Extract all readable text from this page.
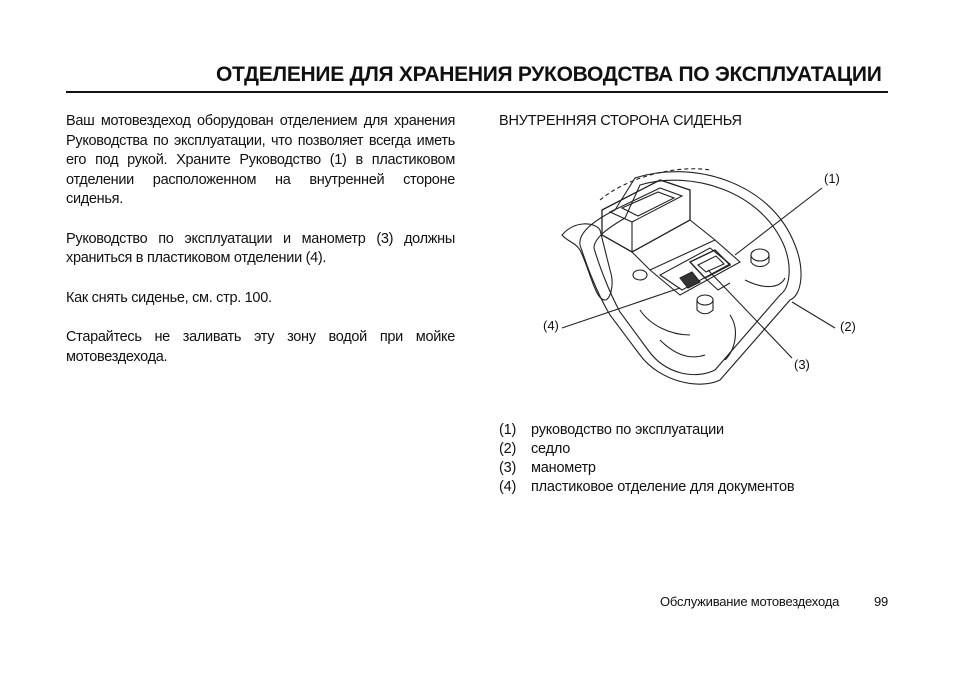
ОТДЕЛЕНИЕ ДЛЯ ХРАНЕНИЯ РУКОВОДСТВА ПО ЭКСПЛУАТАЦИИ

Ваш мотовездеход оборудован отделением для хранения Руководства по эксплуатации, что позволяет всегда иметь его под рукой. Храните Руководство (1) в пластиковом отделении расположенном на внутренней стороне сиденья.

Руководство по эксплуатации и манометр (3) должны храниться в пластиковом отделении (4).

Как снять сиденье, см. стр. 100.

Старайтесь не заливать эту зону водой при мойке мотовездехода.

ВНУТРЕННЯЯ СТОРОНА СИДЕНЬЯ
(1)
(2)
(3)
(4)
(1)	руководство по эксплуатации
(2)	седло
(3)	манометр
(4)	пластиковое отделение для документов
Обслуживание мотовездехода	99
